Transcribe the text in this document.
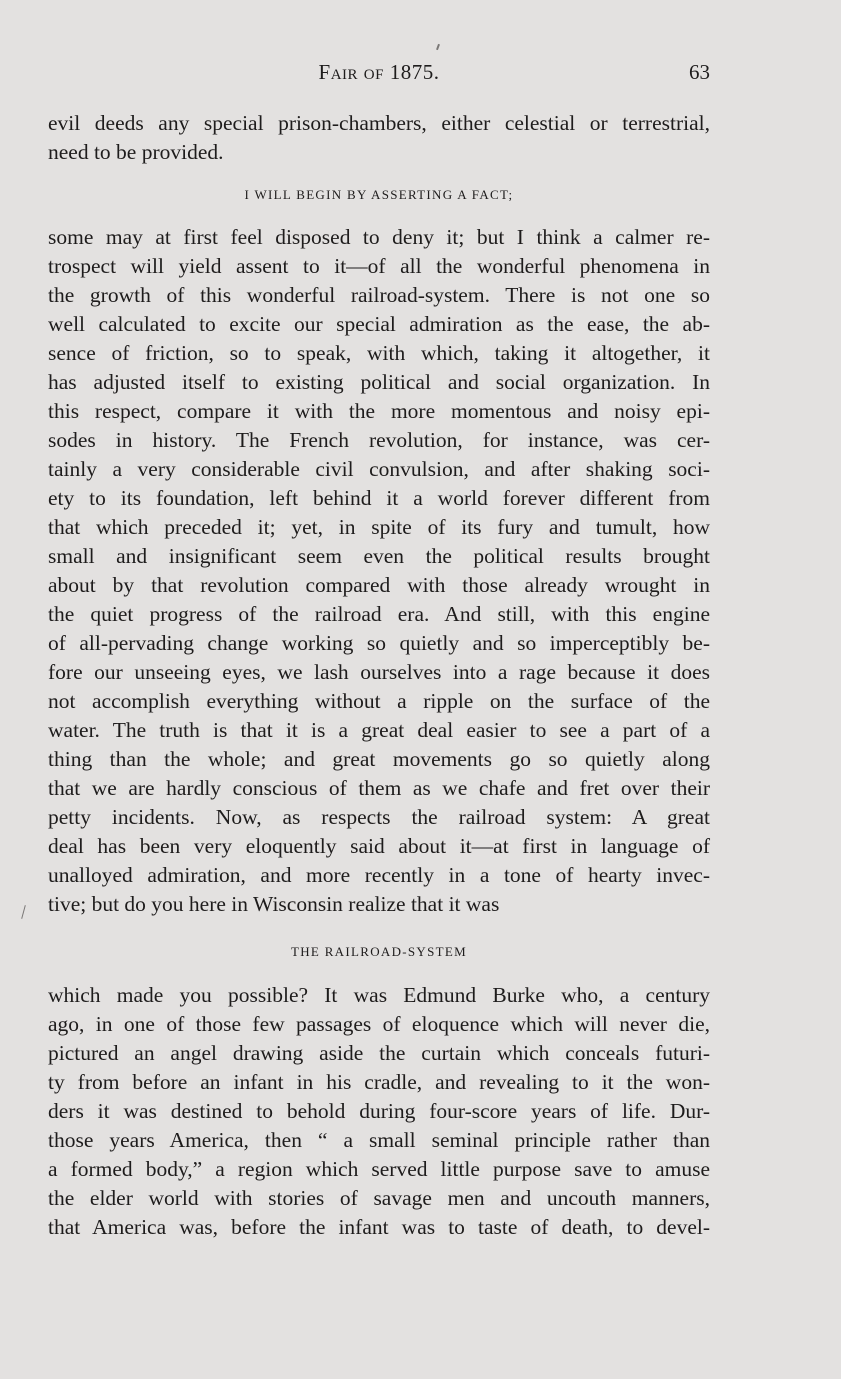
Fair of 1875.	63
evil deeds any special prison-chambers, either celestial or terrestrial,
need to be provided.
I WILL BEGIN BY ASSERTING A FACT;
some may at first feel disposed to deny it; but I think a calmer re-
trospect will yield assent to it—of all the wonderful phenomena in
the growth of this wonderful railroad-system. There is not one so
well calculated to excite our special admiration as the ease, the ab-
sence of friction, so to speak, with which, taking it altogether, it
has adjusted itself to existing political and social organization. In
this respect, compare it with the more momentous and noisy epi-
sodes in history. The French revolution, for instance, was cer-
tainly a very considerable civil convulsion, and after shaking soci-
ety to its foundation, left behind it a world forever different from
that which preceded it; yet, in spite of its fury and tumult, how
small and insignificant seem even the political results brought
about by that revolution compared with those already wrought in
the quiet progress of the railroad era. And still, with this engine
of all-pervading change working so quietly and so imperceptibly be-
fore our unseeing eyes, we lash ourselves into a rage because it does
not accomplish everything without a ripple on the surface of the
water. The truth is that it is a great deal easier to see a part of a
thing than the whole; and great movements go so quietly along
that we are hardly conscious of them as we chafe and fret over their
petty incidents. Now, as respects the railroad system: A great
deal has been very eloquently said about it—at first in language of
unalloyed admiration, and more recently in a tone of hearty invec-
tive; but do you here in Wisconsin realize that it was
THE RAILROAD-SYSTEM
which made you possible? It was Edmund Burke who, a century
ago, in one of those few passages of eloquence which will never die,
pictured an angel drawing aside the curtain which conceals futuri-
ty from before an infant in his cradle, and revealing to it the won-
ders it was destined to behold during four-score years of life. Dur-
those years America, then “ a small seminal principle rather than
a formed body,” a region which served little purpose save to amuse
the elder world with stories of savage men and uncouth manners,
that America was, before the infant was to taste of death, to devel-
